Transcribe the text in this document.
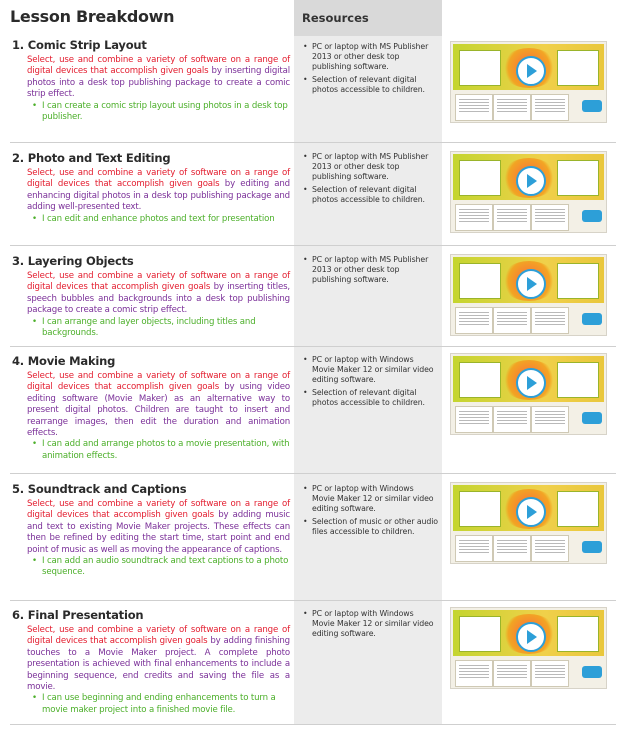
Lesson Breakdown	Resources
1. Comic Strip Layout
Select, use and combine a variety of software on a range of digital devices that accomplish given goals by inserting digital photos into a desk top publishing package to create a comic strip effect.
• I can create a comic strip layout using photos in a desk top publisher.
• PC or laptop with MS Publisher 2013 or other desk top publishing software.
• Selection of relevant digital photos accessible to children.
2. Photo and Text Editing
Select, use and combine a variety of software on a range of digital devices that accomplish given goals by editing and enhancing digital photos in a desk top publishing package and adding well-presented text.
• I can edit and enhance photos and text for presentation
• PC or laptop with MS Publisher 2013 or other desk top publishing software.
• Selection of relevant digital photos accessible to children.
3. Layering Objects
Select, use and combine a variety of software on a range of digital devices that accomplish given goals by inserting titles, speech bubbles and backgrounds into a desk top publishing package to create a comic strip effect.
• I can arrange and layer objects, including titles and backgrounds.
• PC or laptop with MS Publisher 2013 or other desk top publishing software.
4. Movie Making
Select, use and combine a variety of software on a range of digital devices that accomplish given goals by using video editing software (Movie Maker) as an alternative way to present digital photos. Children are taught to insert and rearrange images, then edit the duration and animation effects.
• I can add and arrange photos to a movie presentation, with animation effects.
• PC or laptop with Windows Movie Maker 12 or similar video editing software.
• Selection of relevant digital photos accessible to children.
5. Soundtrack and Captions
Select, use and combine a variety of software on a range of digital devices that accomplish given goals by adding music and text to existing Movie Maker projects. These effects can then be refined by editing the start time, start point and end point of music as well as moving the appearance of captions.
• I can add an audio soundtrack and text captions to a photo sequence.
• PC or laptop with Windows Movie Maker 12 or similar video editing software.
• Selection of music or other audio files accessible to children.
6. Final Presentation
Select, use and combine a variety of software on a range of digital devices that accomplish given goals by adding finishing touches to a Movie Maker project. A complete photo presentation is achieved with final enhancements to include a beginning sequence, end credits and saving the file as a movie.
• I can use beginning and ending enhancements to turn a movie maker project into a finished movie file.
• PC or laptop with Windows Movie Maker 12 or similar video editing software.
